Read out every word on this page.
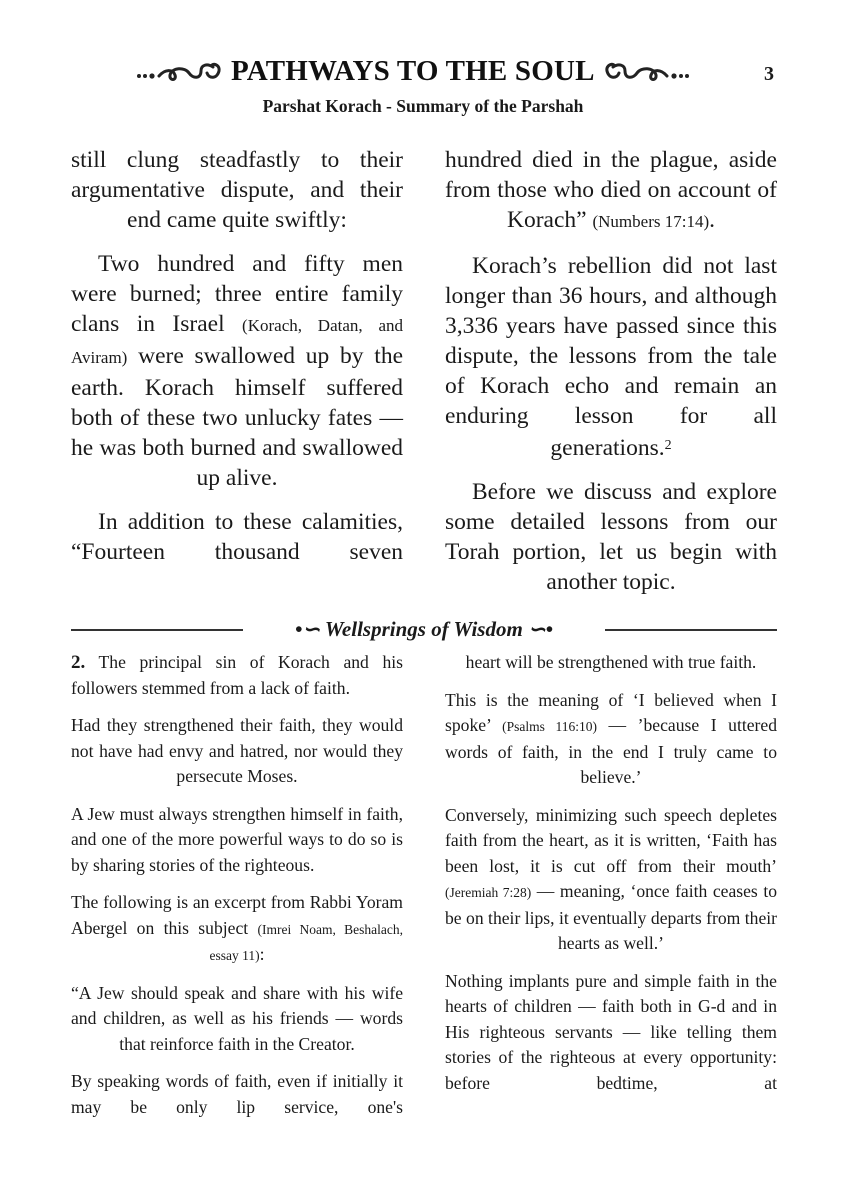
PATHWAYS TO THE SOUL	3
Parshat Korach - Summary of the Parshah

still clung steadfastly to their argumentative dispute, and their end came quite swiftly:

Two hundred and fifty men were burned; three entire family clans in Israel (Korach, Datan, and Aviram) were swallowed up by the earth. Korach himself suffered both of these two unlucky fates — he was both burned and swallowed up alive.

In addition to these calamities, “Fourteen thousand seven

hundred died in the plague, aside from those who died on account of Korach” (Numbers 17:14).

Korach’s rebellion did not last longer than 36 hours, and although 3,336 years have passed since this dispute, the lessons from the tale of Korach echo and remain an enduring lesson for all generations.$^2$

Before we discuss and explore some detailed lessons from our Torah portion, let us begin with another topic.

•∽ Wellsprings of Wisdom ∽•

2. The principal sin of Korach and his followers stemmed from a lack of faith.

Had they strengthened their faith, they would not have had envy and hatred, nor would they persecute Moses.

A Jew must always strengthen himself in faith, and one of the more powerful ways to do so is by sharing stories of the righteous.

The following is an excerpt from Rabbi Yoram Abergel on this subject (Imrei Noam, Beshalach, essay 11):

“A Jew should speak and share with his wife and children, as well as his friends — words that reinforce faith in the Creator.

By speaking words of faith, even if initially it may be only lip service, one's

heart will be strengthened with true faith.

This is the meaning of ‘I believed when I spoke’ (Psalms 116:10) — ’because I uttered words of faith, in the end I truly came to believe.’

Conversely, minimizing such speech depletes faith from the heart, as it is written, ‘Faith has been lost, it is cut off from their mouth’ (Jeremiah 7:28) — meaning, ‘once faith ceases to be on their lips, it eventually departs from their hearts as well.’

Nothing implants pure and simple faith in the hearts of children — faith both in G-d and in His righteous servants — like telling them stories of the righteous at every opportunity: before bedtime, at
